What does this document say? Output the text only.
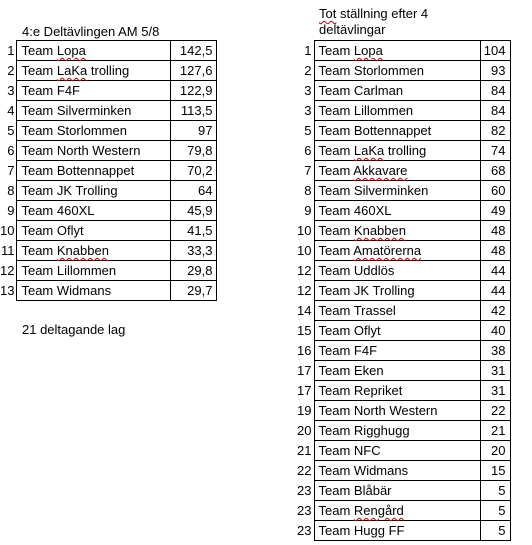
4:e Deltävlingen AM 5/8
1	Team Lopa	142,5
2	Team LaKa trolling	127,6
3	Team F4F	122,9
4	Team Silverminken	113,5
5	Team Storlommen	97
6	Team North Western	79,8
7	Team Bottennappet	70,2
8	Team JK Trolling	64
9	Team 460XL	45,9
10	Team Oflyt	41,5
11	Team Knabben	33,3
12	Team Lillommen	29,8
13	Team Widmans	29,7
21 deltagande lag
Tot ställning efter 4
deltävlingar
1	Team Lopa	104
2	Team Storlommen	93
3	Team Carlman	84
3	Team Lillommen	84
5	Team Bottennappet	82
6	Team LaKa trolling	74
7	Team Akkavare	68
8	Team Silverminken	60
9	Team 460XL	49
10	Team Knabben	48
10	Team Amatörerna	48
12	Team Uddlös	44
12	Team JK Trolling	44
14	Team Trassel	42
15	Team Oflyt	40
16	Team F4F	38
17	Team Eken	31
17	Team Repriket	31
19	Team North Western	22
20	Team Rigghugg	21
21	Team NFC	20
22	Team Widmans	15
23	Team Blåbär	5
23	Team Rengård	5
23	Team Hugg FF	5
